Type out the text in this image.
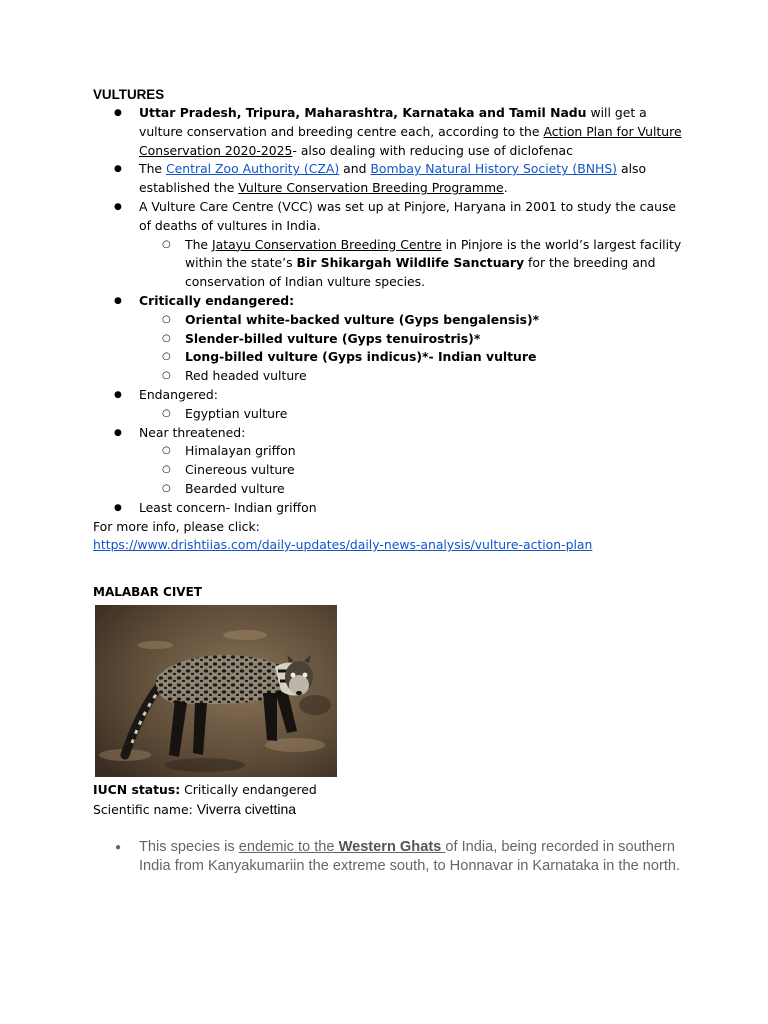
VULTURES

● Uttar Pradesh, Tripura, Maharashtra, Karnataka and Tamil Nadu will get a vulture conservation and breeding centre each, according to the Action Plan for Vulture Conservation 2020-2025- also dealing with reducing use of diclofenac
● The Central Zoo Authority (CZA) and Bombay Natural History Society (BNHS) also established the Vulture Conservation Breeding Programme.
● A Vulture Care Centre (VCC) was set up at Pinjore, Haryana in 2001 to study the cause of deaths of vultures in India.
○ The Jatayu Conservation Breeding Centre in Pinjore is the world’s largest facility within the state’s Bir Shikargah Wildlife Sanctuary for the breeding and conservation of Indian vulture species.
● Critically endangered:
○ Oriental white-backed vulture (Gyps bengalensis)*
○ Slender-billed vulture (Gyps tenuirostris)*
○ Long-billed vulture (Gyps indicus)*- Indian vulture
○ Red headed vulture
● Endangered:
○ Egyptian vulture
● Near threatened:
○ Himalayan griffon
○ Cinereous vulture
○ Bearded vulture
● Least concern- Indian griffon
For more info, please click:
https://www.drishtiias.com/daily-updates/daily-news-analysis/vulture-action-plan

MALABAR CIVET

IUCN status: Critically endangered
Scientific name: Viverra civettina
● This species is endemic to the Western Ghats of India, being recorded in southern India from Kanyakumariin the extreme south, to Honnavar in Karnataka in the north.
